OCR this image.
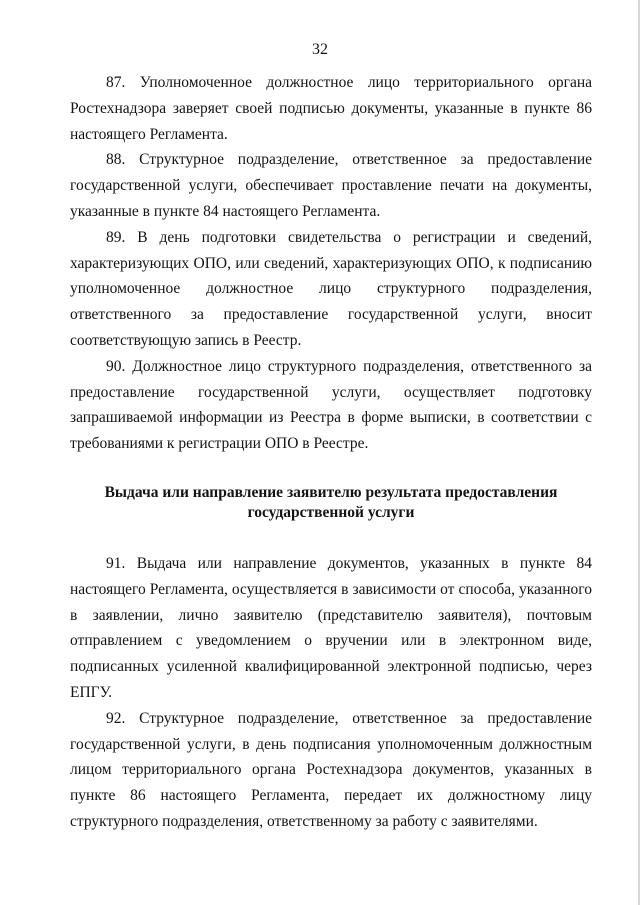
32

87. Уполномоченное должностное лицо территориального органа Ростехнадзора заверяет своей подписью документы, указанные в пункте 86 настоящего Регламента.

88. Структурное подразделение, ответственное за предоставление государственной услуги, обеспечивает проставление печати на документы, указанные в пункте 84 настоящего Регламента.

89. В день подготовки свидетельства о регистрации и сведений, характеризующих ОПО, или сведений, характеризующих ОПО, к подписанию уполномоченное должностное лицо структурного подразделения, ответственного за предоставление государственной услуги, вносит соответствующую запись в Реестр.

90. Должностное лицо структурного подразделения, ответственного за предоставление государственной услуги, осуществляет подготовку запрашиваемой информации из Реестра в форме выписки, в соответствии с требованиями к регистрации ОПО в Реестре.

Выдача или направление заявителю результата предоставления
государственной услуги

91. Выдача или направление документов, указанных в пункте 84 настоящего Регламента, осуществляется в зависимости от способа, указанного в заявлении, лично заявителю (представителю заявителя), почтовым отправлением с уведомлением о вручении или в электронном виде, подписанных усиленной квалифицированной электронной подписью, через ЕПГУ.

92. Структурное подразделение, ответственное за предоставление государственной услуги, в день подписания уполномоченным должностным лицом территориального органа Ростехнадзора документов, указанных в пункте 86 настоящего Регламента, передает их должностному лицу структурного подразделения, ответственному за работу с заявителями.
